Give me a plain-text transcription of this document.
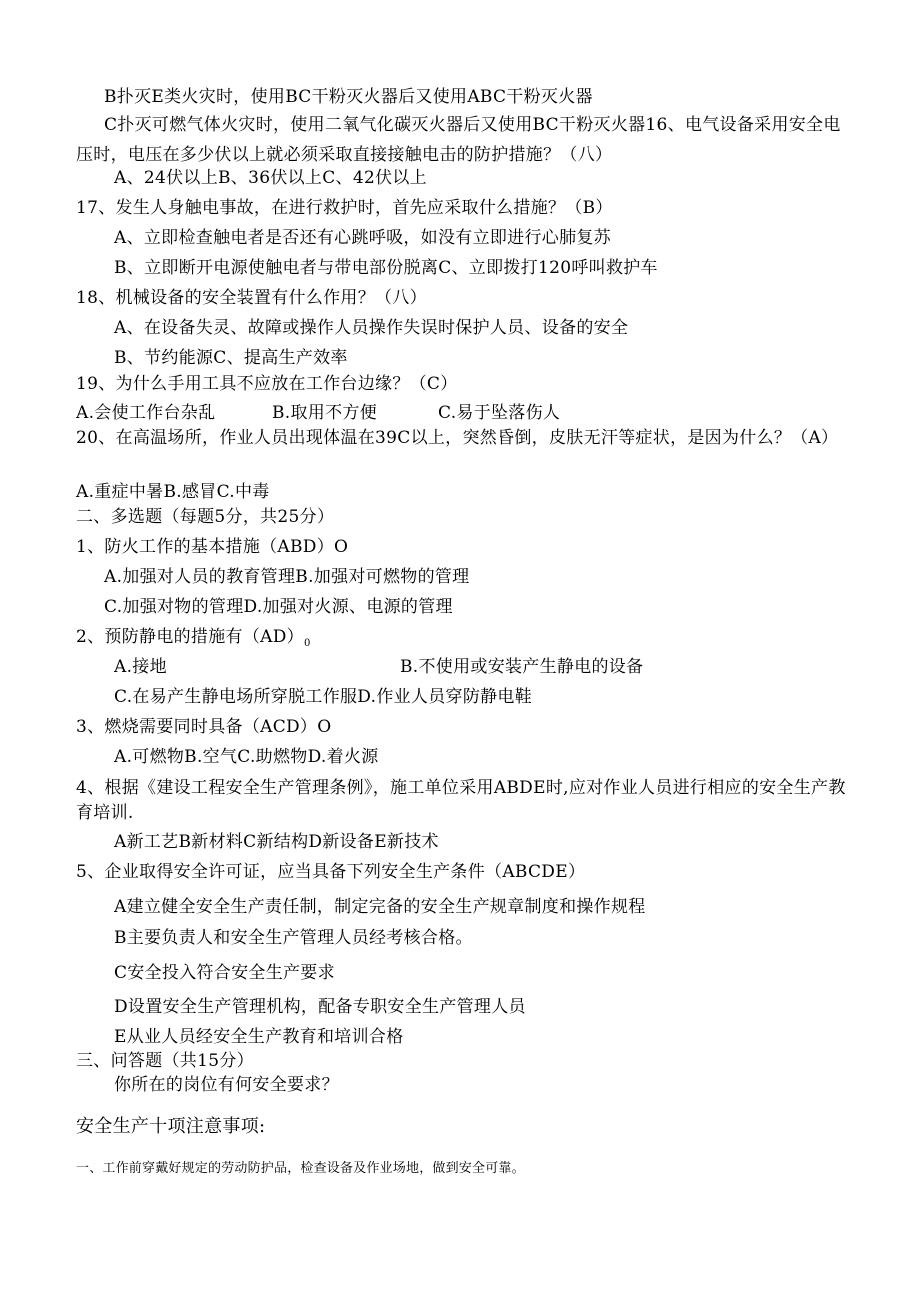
B扑灭E类火灾时，使用BC干粉灭火器后又使用ABC干粉灭火器
C扑灭可燃气体火灾时，使用二氧气化碳灭火器后又使用BC干粉灭火器16、电气设备采用安全电压时，电压在多少伏以上就必须采取直接接触电击的防护措施？（八）
A、24伏以上B、36伏以上C、42伏以上
17、发生人身触电事故，在进行救护时，首先应采取什么措施？（B）
A、立即检查触电者是否还有心跳呼吸，如没有立即进行心肺复苏
B、立即断开电源使触电者与带电部份脱离C、立即拨打120呼叫救护车
18、机械设备的安全装置有什么作用？（八）
A、在设备失灵、故障或操作人员操作失误时保护人员、设备的安全
B、节约能源C、提高生产效率
19、为什么手用工具不应放在工作台边缘？（C）
A.会使工作台杂乱	B.取用不方便	C.易于坠落伤人
20、在高温场所，作业人员出现体温在39C以上，突然昏倒，皮肤无汗等症状，是因为什么？（A）
A.重症中暑B.感冒C.中毒
二、多选题（每题5分，共25分）
1、防火工作的基本措施（ABD）O
A.加强对人员的教育管理B.加强对可燃物的管理
C.加强对物的管理D.加强对火源、电源的管理
2、预防静电的措施有$(AD)_0$
A.接地	B.不使用或安装产生静电的设备
C.在易产生静电场所穿脱工作服D.作业人员穿防静电鞋
3、燃烧需要同时具备（ACD）O
A.可燃物B.空气C.助燃物D.着火源
4、根据《建设工程安全生产管理条例》，施工单位采用ABDE时,应对作业人员进行相应的安全生产教育培训.
A新工艺B新材料C新结构D新设备E新技术
5、企业取得安全许可证，应当具备下列安全生产条件（ABCDE）
A建立健全安全生产责任制，制定完备的安全生产规章制度和操作规程
B主要负责人和安全生产管理人员经考核合格。
C安全投入符合安全生产要求
D设置安全生产管理机构，配备专职安全生产管理人员
E从业人员经安全生产教育和培训合格
三、问答题（共15分）
你所在的岗位有何安全要求？
安全生产十项注意事项:
一、工作前穿戴好规定的劳动防护品，检查设备及作业场地，做到安全可靠。
